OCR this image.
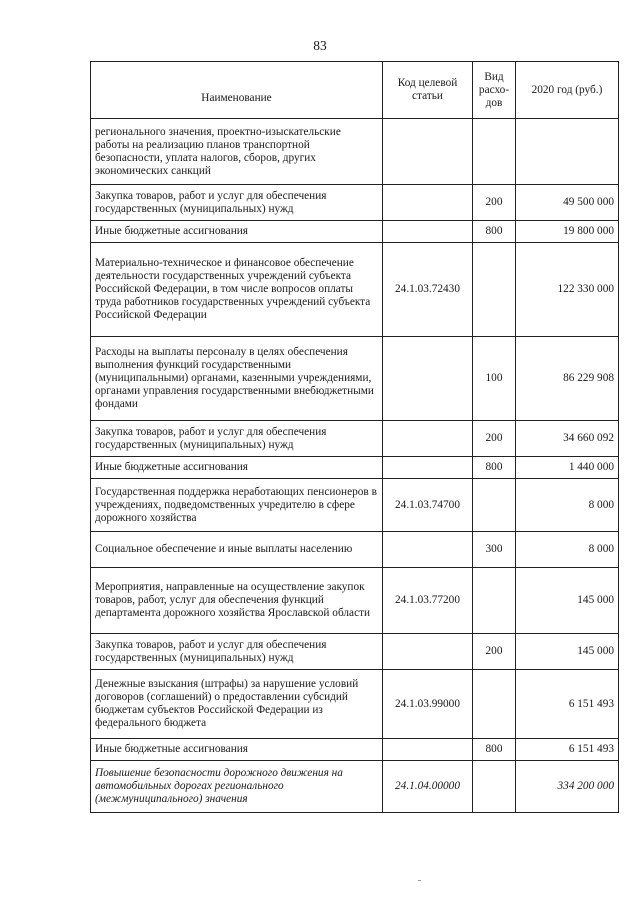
83
Наименование	Код целевой статьи	Вид расхо-дов	2020 год (руб.)
регионального значения, проектно-изыскательские работы на реализацию планов транспортной безопасности, уплата налогов, сборов, других экономических санкций			
Закупка товаров, работ и услуг для обеспечения государственных (муниципальных) нужд		200	49 500 000
Иные бюджетные ассигнования		800	19 800 000
Материально-техническое и финансовое обеспечение деятельности государственных учреждений субъекта Российской Федерации, в том числе вопросов оплаты труда работников государственных учреждений субъекта Российской Федерации	24.1.03.72430		122 330 000
Расходы на выплаты персоналу в целях обеспечения выполнения функций государственными (муниципальными) органами, казенными учреждениями, органами управления государственными внебюджетными фондами		100	86 229 908
Закупка товаров, работ и услуг для обеспечения государственных (муниципальных) нужд		200	34 660 092
Иные бюджетные ассигнования		800	1 440 000
Государственная поддержка неработающих пенсионеров в учреждениях, подведомственных учредителю в сфере дорожного хозяйства	24.1.03.74700		8 000
Социальное обеспечение и иные выплаты населению		300	8 000
Мероприятия, направленные на осуществление закупок товаров, работ, услуг для обеспечения функций департамента дорожного хозяйства Ярославской области	24.1.03.77200		145 000
Закупка товаров, работ и услуг для обеспечения государственных (муниципальных) нужд		200	145 000
Денежные взыскания (штрафы) за нарушение условий договоров (соглашений) о предоставлении субсидий бюджетам субъектов Российской Федерации из федерального бюджета	24.1.03.99000		6 151 493
Иные бюджетные ассигнования		800	6 151 493
Повышение безопасности дорожного движения на автомобильных дорогах регионального (межмуниципального) значения	24.1.04.00000		334 200 000
